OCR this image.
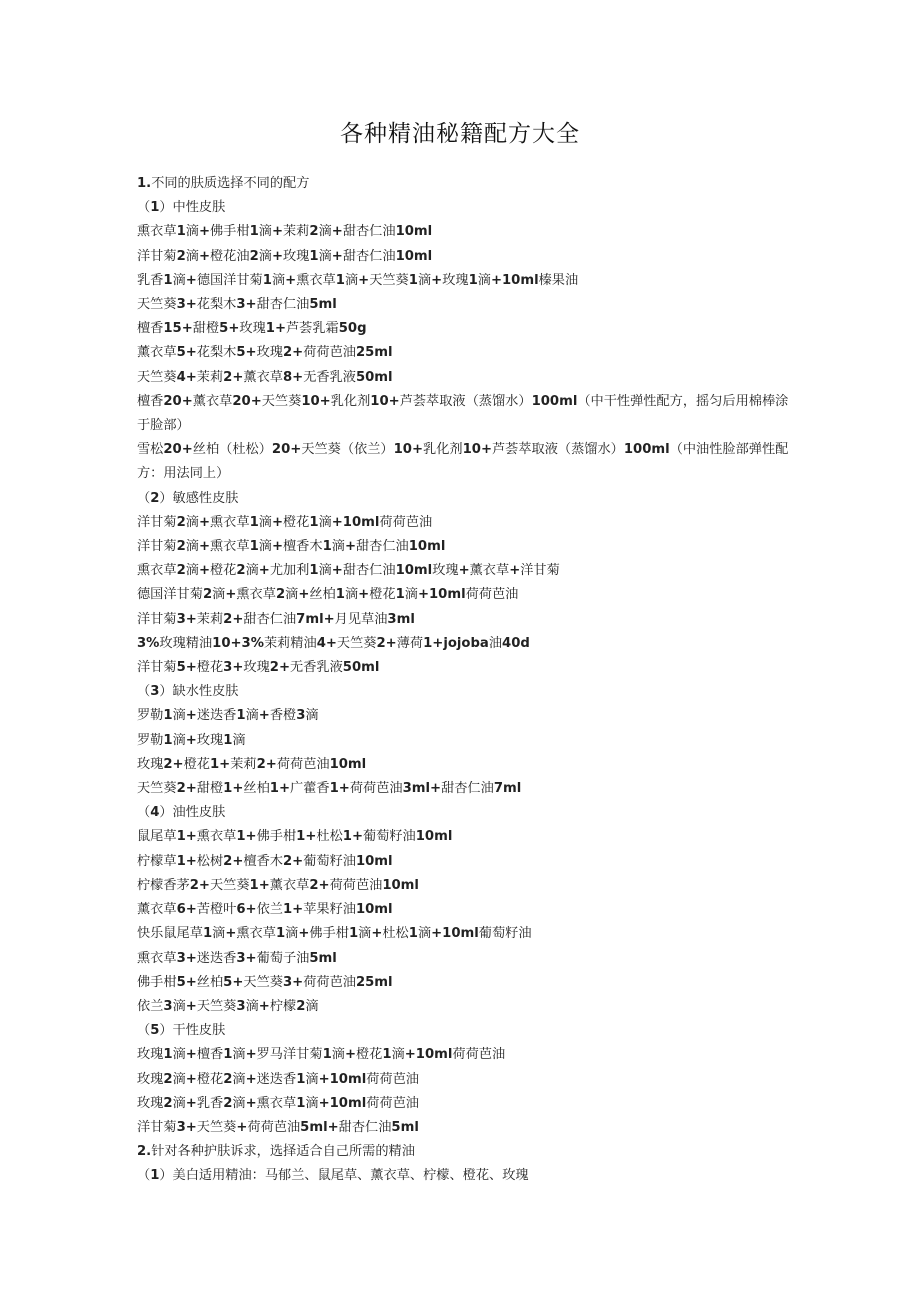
各种精油秘籍配方大全

1.不同的肤质选择不同的配方

（1）中性皮肤

熏衣草1滴+佛手柑1滴+茉莉2滴+甜杏仁油10ml

洋甘菊2滴+橙花油2滴+玫瑰1滴+甜杏仁油10ml

乳香1滴+德国洋甘菊1滴+熏衣草1滴+天竺葵1滴+玫瑰1滴+10ml榛果油

天竺葵3+花梨木3+甜杏仁油5ml

檀香15+甜橙5+玫瑰1+芦荟乳霜50g

薰衣草5+花梨木5+玫瑰2+荷荷芭油25ml

天竺葵4+茉莉2+薰衣草8+无香乳液50ml

檀香20+薰衣草20+天竺葵10+乳化剂10+芦荟萃取液（蒸馏水）100ml（中干性弹性配方，摇匀后用棉棒涂于脸部）

雪松20+丝柏（杜松）20+天竺葵（依兰）10+乳化剂10+芦荟萃取液（蒸馏水）100ml（中油性脸部弹性配方：用法同上）

（2）敏感性皮肤

洋甘菊2滴+熏衣草1滴+橙花1滴+10ml荷荷芭油

洋甘菊2滴+熏衣草1滴+檀香木1滴+甜杏仁油10ml

熏衣草2滴+橙花2滴+尤加利1滴+甜杏仁油10ml玫瑰+薰衣草+洋甘菊

德国洋甘菊2滴+熏衣草2滴+丝柏1滴+橙花1滴+10ml荷荷芭油

洋甘菊3+茉莉2+甜杏仁油7ml+月见草油3ml

3%玫瑰精油10+3%茉莉精油4+天竺葵2+薄荷1+jojoba油40d

洋甘菊5+橙花3+玫瑰2+无香乳液50ml

（3）缺水性皮肤

罗勒1滴+迷迭香1滴+香橙3滴

罗勒1滴+玫瑰1滴

玫瑰2+橙花1+茉莉2+荷荷芭油10ml

天竺葵2+甜橙1+丝柏1+广藿香1+荷荷芭油3ml+甜杏仁油7ml

（4）油性皮肤

鼠尾草1+熏衣草1+佛手柑1+杜松1+葡萄籽油10ml

柠檬草1+松树2+檀香木2+葡萄籽油10ml

柠檬香茅2+天竺葵1+薰衣草2+荷荷芭油10ml

薰衣草6+苦橙叶6+依兰1+苹果籽油10ml

快乐鼠尾草1滴+熏衣草1滴+佛手柑1滴+杜松1滴+10ml葡萄籽油

熏衣草3+迷迭香3+葡萄子油5ml

佛手柑5+丝柏5+天竺葵3+荷荷芭油25ml

依兰3滴+天竺葵3滴+柠檬2滴

（5）干性皮肤

玫瑰1滴+檀香1滴+罗马洋甘菊1滴+橙花1滴+10ml荷荷芭油

玫瑰2滴+橙花2滴+迷迭香1滴+10ml荷荷芭油

玫瑰2滴+乳香2滴+熏衣草1滴+10ml荷荷芭油

洋甘菊3+天竺葵+荷荷芭油5ml+甜杏仁油5ml

2.针对各种护肤诉求，选择适合自己所需的精油

（1）美白适用精油：马郁兰、鼠尾草、薰衣草、柠檬、橙花、玫瑰
